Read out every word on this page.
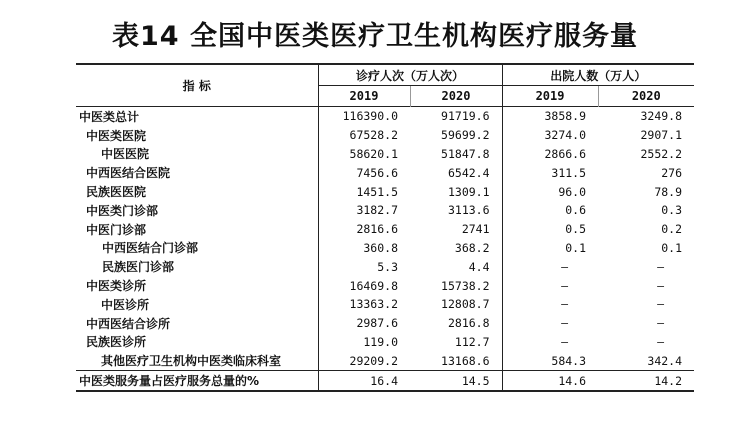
表14 全国中医类医疗卫生机构医疗服务量
指 标	诊疗人次（万人次）		出院人数（万人）	
	2019	2020	2019	2020
中医类总计	116390.0	91719.6	3858.9	3249.8
中医类医院	67528.2	59699.2	3274.0	2907.1
中医医院	58620.1	51847.8	2866.6	2552.2
中西医结合医院	7456.6	6542.4	311.5	276
民族医医院	1451.5	1309.1	96.0	78.9
中医类门诊部	3182.7	3113.6	0.6	0.3
中医门诊部	2816.6	2741	0.5	0.2
中西医结合门诊部	360.8	368.2	0.1	0.1
民族医门诊部	5.3	4.4	–	–
中医类诊所	16469.8	15738.2	–	–
中医诊所	13363.2	12808.7	–	–
中西医结合诊所	2987.6	2816.8	–	–
民族医诊所	119.0	112.7	–	–
其他医疗卫生机构中医类临床科室	29209.2	13168.6	584.3	342.4
中医类服务量占医疗服务总量的%	16.4	14.5	14.6	14.2
